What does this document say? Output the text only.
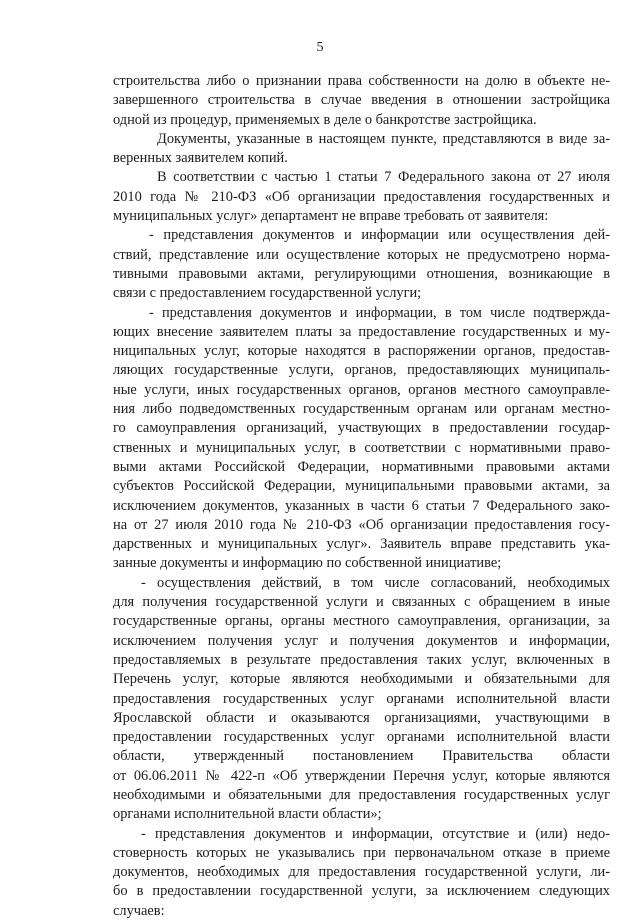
5
строительства либо о признании права собственности на долю в объекте не-
завершенного строительства в случае введения в отношении застройщика
одной из процедур, применяемых в деле о банкротстве застройщика.
Документы, указанные в настоящем пункте, представляются в виде за-
веренных заявителем копий.
В соответствии с частью 1 статьи 7 Федерального закона от 27 июля
2010 года № 210-ФЗ «Об организации предоставления государственных и
муниципальных услуг» департамент не вправе требовать от заявителя:
- представления документов и информации или осуществления дей-
ствий, представление или осуществление которых не предусмотрено норма-
тивными правовыми актами, регулирующими отношения, возникающие в
связи с предоставлением государственной услуги;
- представления документов и информации, в том числе подтвержда-
ющих внесение заявителем платы за предоставление государственных и му-
ниципальных услуг, которые находятся в распоряжении органов, предостав-
ляющих государственные услуги, органов, предоставляющих муниципаль-
ные услуги, иных государственных органов, органов местного самоуправле-
ния либо подведомственных государственным органам или органам местно-
го самоуправления организаций, участвующих в предоставлении государ-
ственных и муниципальных услуг, в соответствии с нормативными право-
выми актами Российской Федерации, нормативными правовыми актами
субъектов Российской Федерации, муниципальными правовыми актами, за
исключением документов, указанных в части 6 статьи 7 Федерального зако-
на от 27 июля 2010 года № 210-ФЗ «Об организации предоставления госу-
дарственных и муниципальных услуг». Заявитель вправе представить ука-
занные документы и информацию по собственной инициативе;
- осуществления действий, в том числе согласований, необходимых
для получения государственной услуги и связанных с обращением в иные
государственные органы, органы местного самоуправления, организации, за
исключением получения услуг и получения документов и информации,
предоставляемых в результате предоставления таких услуг, включенных в
Перечень услуг, которые являются необходимыми и обязательными для
предоставления государственных услуг органами исполнительной власти
Ярославской области и оказываются организациями, участвующими в
предоставлении государственных услуг органами исполнительной власти
области, утвержденный постановлением Правительства области
от 06.06.2011 № 422-п «Об утверждении Перечня услуг, которые являются
необходимыми и обязательными для предоставления государственных услуг
органами исполнительной власти области»;
- представления документов и информации, отсутствие и (или) недо-
стоверность которых не указывались при первоначальном отказе в приеме
документов, необходимых для предоставления государственной услуги, ли-
бо в предоставлении государственной услуги, за исключением следующих
случаев:
